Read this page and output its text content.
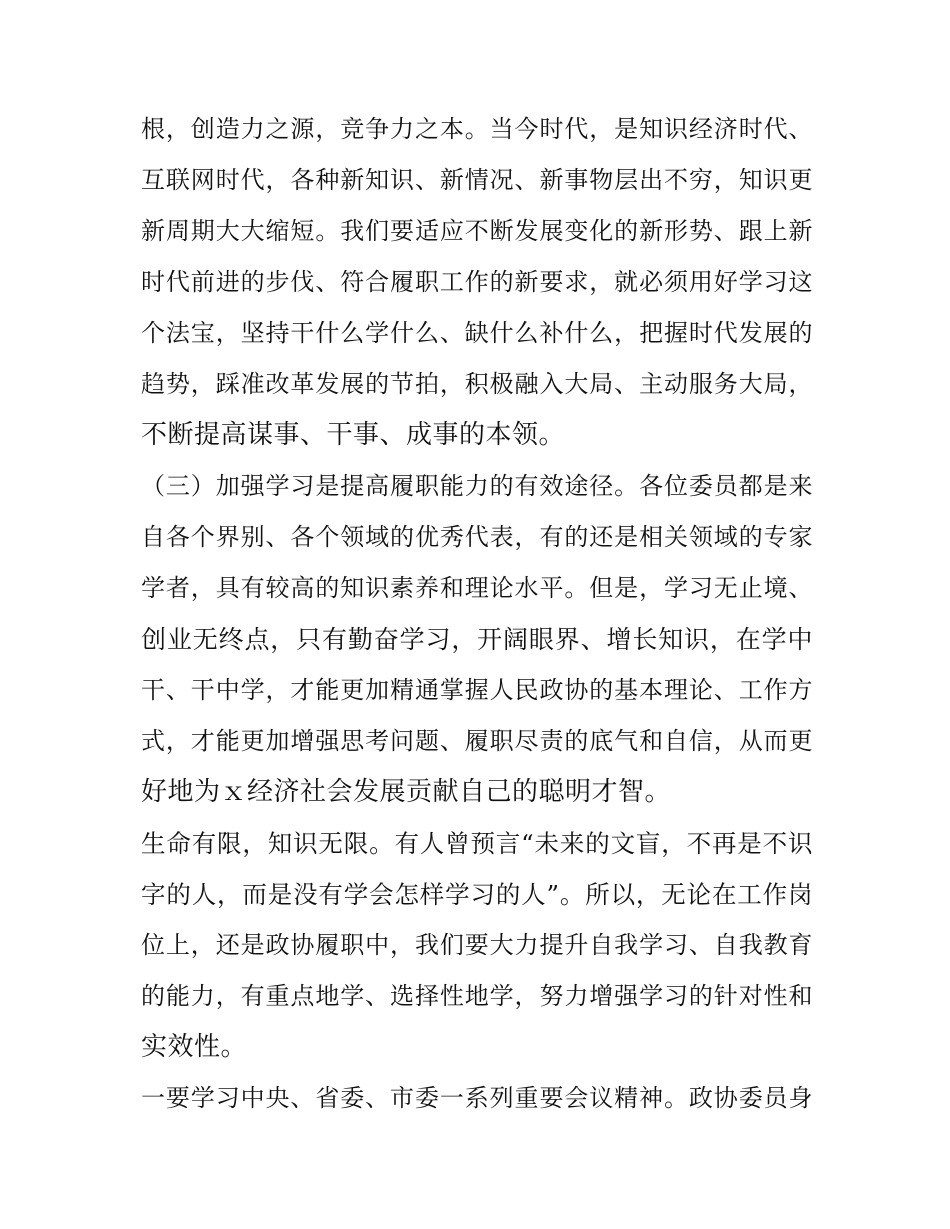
根，创造力之源，竞争力之本。当今时代，是知识经济时代、
互联网时代，各种新知识、新情况、新事物层出不穷，知识更
新周期大大缩短。我们要适应不断发展变化的新形势、跟上新
时代前进的步伐、符合履职工作的新要求，就必须用好学习这
个法宝，坚持干什么学什么、缺什么补什么，把握时代发展的
趋势，踩准改革发展的节拍，积极融入大局、主动服务大局，
不断提高谋事、干事、成事的本领。
（三）加强学习是提高履职能力的有效途径。各位委员都是来
自各个界别、各个领域的优秀代表，有的还是相关领域的专家
学者，具有较高的知识素养和理论水平。但是，学习无止境、
创业无终点，只有勤奋学习，开阔眼界、增长知识，在学中
干、干中学，才能更加精通掌握人民政协的基本理论、工作方
式，才能更加增强思考问题、履职尽责的底气和自信，从而更
好地为ｘ经济社会发展贡献自己的聪明才智。
生命有限，知识无限。有人曾预言“未来的文盲，不再是不识
字的人，而是没有学会怎样学习的人”。所以，无论在工作岗
位上，还是政协履职中，我们要大力提升自我学习、自我教育
的能力，有重点地学、选择性地学，努力增强学习的针对性和
实效性。
一要学习中央、省委、市委一系列重要会议精神。政协委员身
